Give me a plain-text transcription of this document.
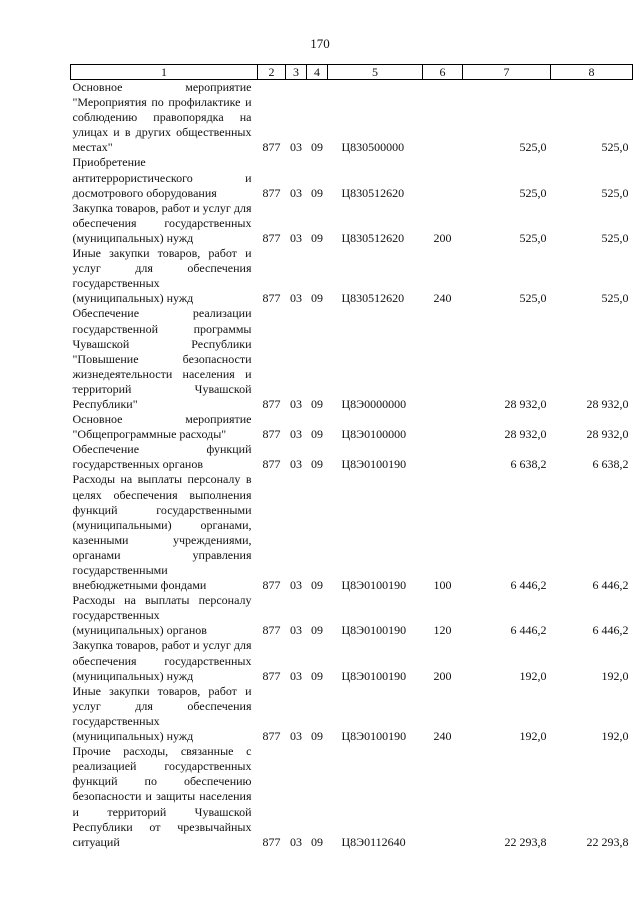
170
1	2	3	4	5	6	7	8
Основное мероприятие "Мероприятия по профилактике и соблюдению правопорядка на улицах и в других общественных местах"	877	03	09	Ц830500000		525,0	525,0
Приобретение антитеррористического и досмотрового оборудования	877	03	09	Ц830512620		525,0	525,0
Закупка товаров, работ и услуг для обеспечения государственных (муниципальных) нужд	877	03	09	Ц830512620	200	525,0	525,0
Иные закупки товаров, работ и услуг для обеспечения государственных (муниципальных) нужд	877	03	09	Ц830512620	240	525,0	525,0
Обеспечение реализации государственной программы Чувашской Республики "Повышение безопасности жизнедеятельности населения и территорий Чувашской Республики"	877	03	09	Ц8Э0000000		28 932,0	28 932,0
Основное мероприятие "Общепрограммные расходы"	877	03	09	Ц8Э0100000		28 932,0	28 932,0
Обеспечение функций государственных органов	877	03	09	Ц8Э0100190		6 638,2	6 638,2
Расходы на выплаты персоналу в целях обеспечения выполнения функций государственными (муниципальными) органами, казенными учреждениями, органами управления государственными внебюджетными фондами	877	03	09	Ц8Э0100190	100	6 446,2	6 446,2
Расходы на выплаты персоналу государственных (муниципальных) органов	877	03	09	Ц8Э0100190	120	6 446,2	6 446,2
Закупка товаров, работ и услуг для обеспечения государственных (муниципальных) нужд	877	03	09	Ц8Э0100190	200	192,0	192,0
Иные закупки товаров, работ и услуг для обеспечения государственных (муниципальных) нужд	877	03	09	Ц8Э0100190	240	192,0	192,0
Прочие расходы, связанные с реализацией государственных функций по обеспечению безопасности и защиты населения и территорий Чувашской Республики от чрезвычайных ситуаций	877	03	09	Ц8Э0112640		22 293,8	22 293,8
